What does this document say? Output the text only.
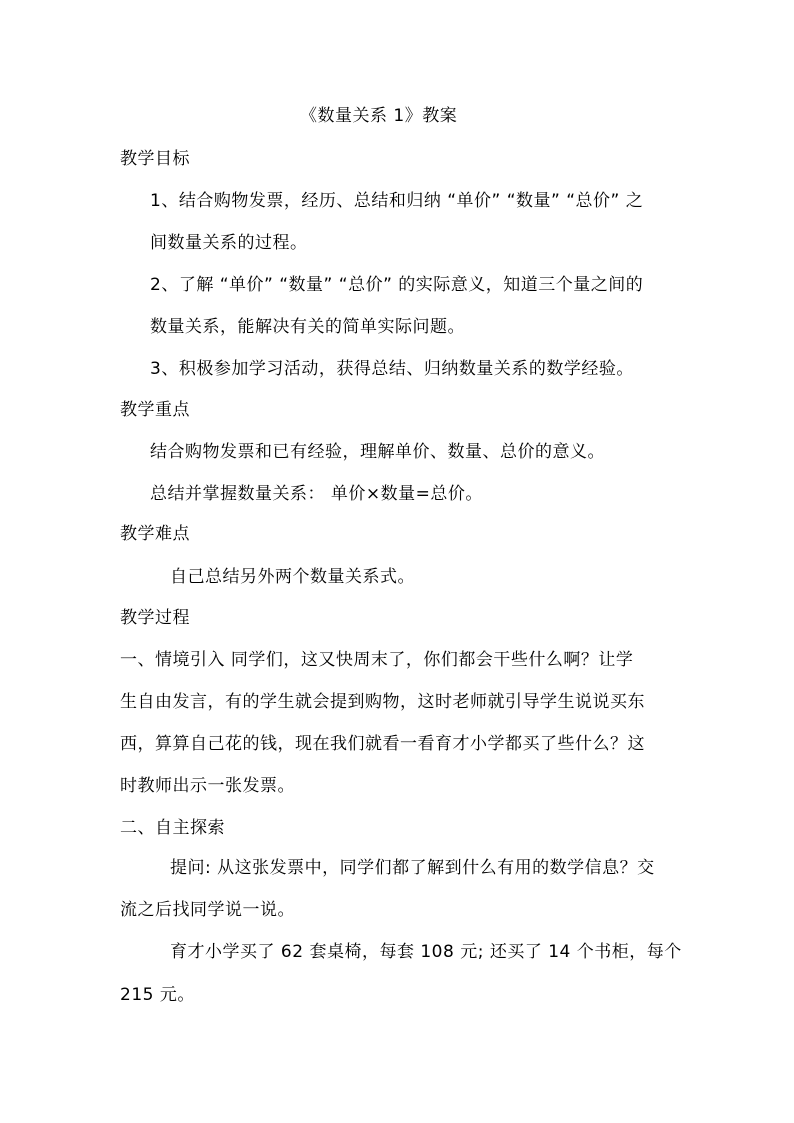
《数量关系 1》教案
教学目标
1、结合购物发票，经历、总结和归纳 “单价” “数量” “总价” 之
间数量关系的过程。
2、了解 “单价” “数量” “总价” 的实际意义，知道三个量之间的
数量关系，能解决有关的简单实际问题。
3、积极参加学习活动，获得总结、归纳数量关系的数学经验。
教学重点
结合购物发票和已有经验，理解单价、数量、总价的意义。
总结并掌握数量关系： 单价×数量=总价。
教学难点
自己总结另外两个数量关系式。
教学过程
一、情境引入 同学们，这又快周末了，你们都会干些什么啊？让学
生自由发言，有的学生就会提到购物，这时老师就引导学生说说买东
西，算算自己花的钱，现在我们就看一看育才小学都买了些什么？这
时教师出示一张发票。
二、自主探索
提问: 从这张发票中，同学们都了解到什么有用的数学信息？交
流之后找同学说一说。
育才小学买了 62 套桌椅，每套 108 元; 还买了 14 个书柜，每个
215 元。
